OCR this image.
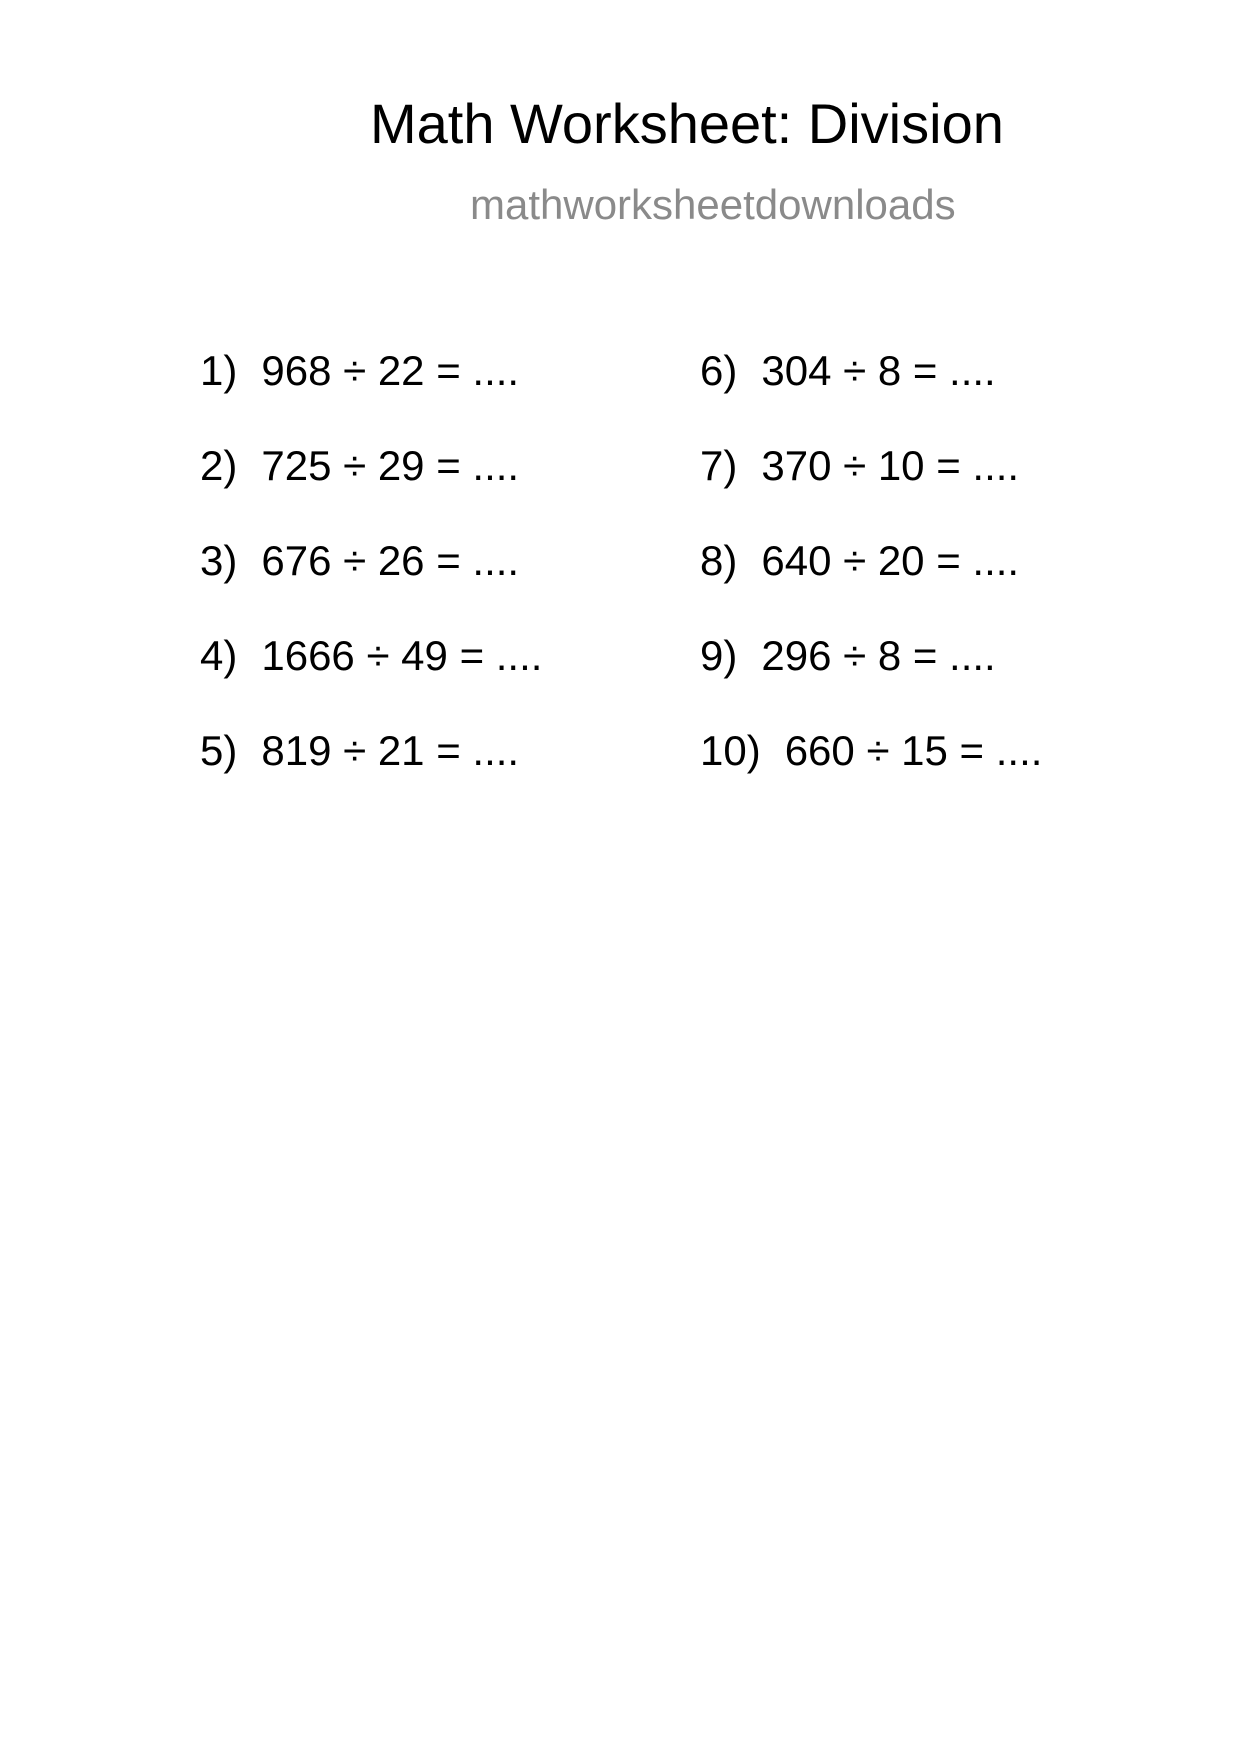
Math Worksheet: Division
mathworksheetdownloads
1) 968 ÷ 22 = ....
2) 725 ÷ 29 = ....
3) 676 ÷ 26 = ....
4) 1666 ÷ 49 = ....
5) 819 ÷ 21 = ....
6) 304 ÷ 8 = ....
7) 370 ÷ 10 = ....
8) 640 ÷ 20 = ....
9) 296 ÷ 8 = ....
10) 660 ÷ 15 = ....
